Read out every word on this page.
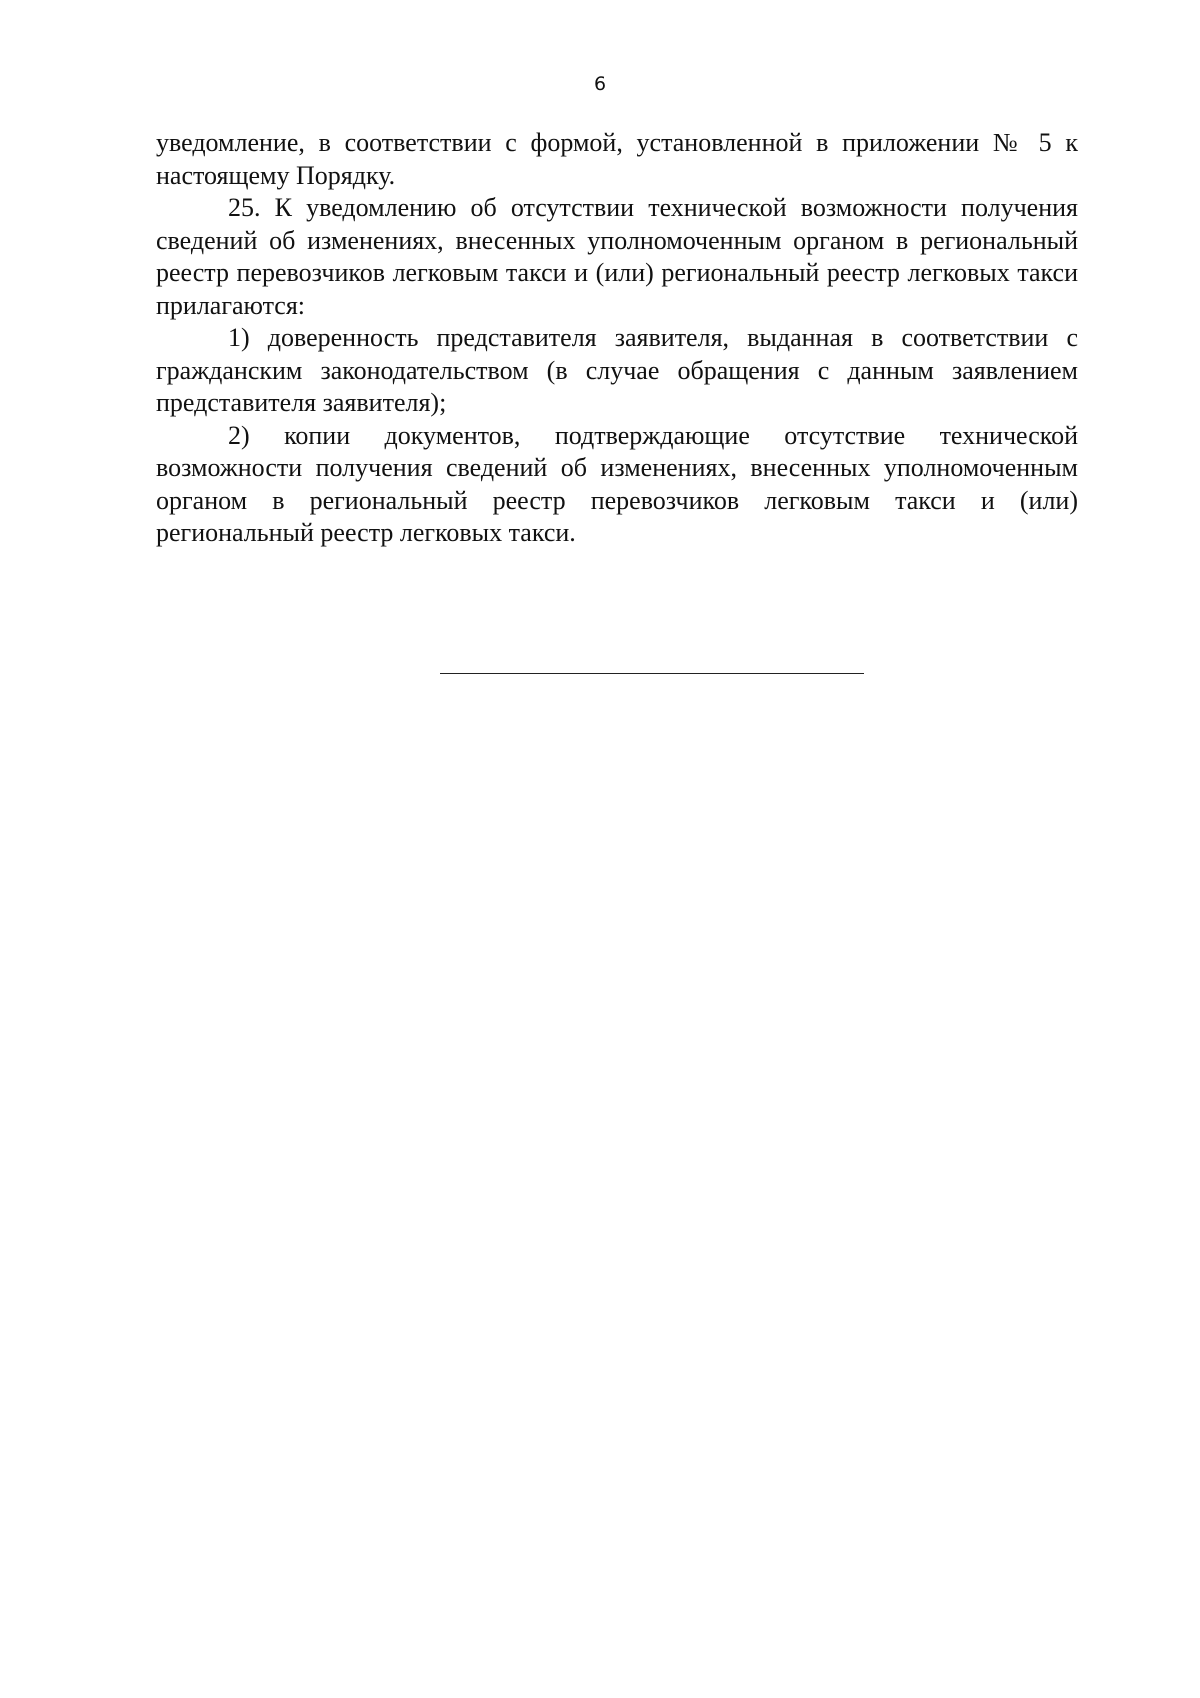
6

уведомление, в соответствии с формой, установленной в приложении № 5 к настоящему Порядку.

25. К уведомлению об отсутствии технической возможности получения сведений об изменениях, внесенных уполномоченным органом в региональный реестр перевозчиков легковым такси и (или) региональный реестр легковых такси прилагаются:

1) доверенность представителя заявителя, выданная в соответствии с гражданским законодательством (в случае обращения с данным заявлением представителя заявителя);

2) копии документов, подтверждающие отсутствие технической возможности получения сведений об изменениях, внесенных уполномоченным органом в региональный реестр перевозчиков легковым такси и (или) региональный реестр легковых такси.
